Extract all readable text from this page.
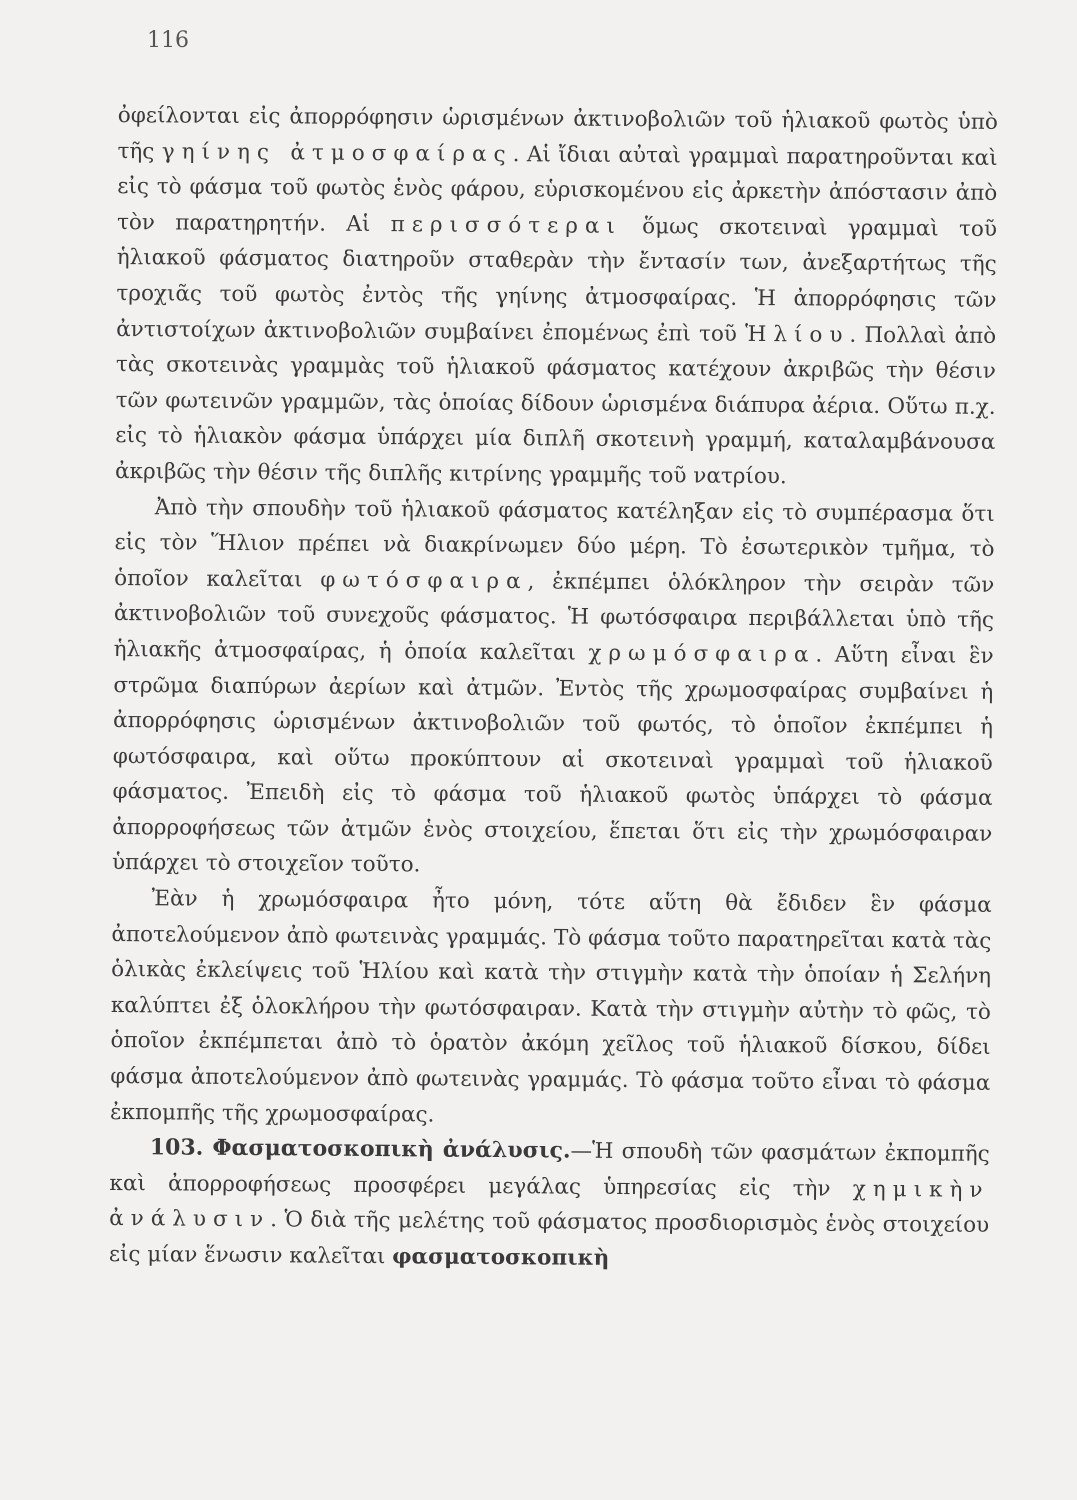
116

ὀφείλονται εἰς ἀπορρόφησιν ὡρισμένων ἀκτινοβολιῶν τοῦ ἡλιακοῦ φωτὸς ὑπὸ τῆς γηίνης ἀτμοσφαίρας. Αἱ ἴδιαι αὐταὶ γραμμαὶ παρατηροῦνται καὶ εἰς τὸ φάσμα τοῦ φωτὸς ἑνὸς φάρου, εὑρισκομένου εἰς ἀρκετὴν ἀπόστασιν ἀπὸ τὸν παρατηρητήν. Αἱ περισσότεραι ὅμως σκοτειναὶ γραμμαὶ τοῦ ἡλιακοῦ φάσματος διατηροῦν σταθερὰν τὴν ἔντασίν των, ἀνεξαρτήτως τῆς τροχιᾶς τοῦ φωτὸς ἐντὸς τῆς γηίνης ἀτμοσφαίρας. Ἡ ἀπορρόφησις τῶν ἀντιστοίχων ἀκτινοβολιῶν συμβαίνει ἐπομένως ἐπὶ τοῦ Ἡλίου. Πολλαὶ ἀπὸ τὰς σκοτεινὰς γραμμὰς τοῦ ἡλιακοῦ φάσματος κατέχουν ἀκριβῶς τὴν θέσιν τῶν φωτεινῶν γραμμῶν, τὰς ὁποίας δίδουν ὡρισμένα διάπυρα ἀέρια. Οὕτω π.χ. εἰς τὸ ἡλιακὸν φάσμα ὑπάρχει μία διπλῆ σκοτεινὴ γραμμή, καταλαμβάνουσα ἀκριβῶς τὴν θέσιν τῆς διπλῆς κιτρίνης γραμμῆς τοῦ νατρίου.

Ἀπὸ τὴν σπουδὴν τοῦ ἡλιακοῦ φάσματος κατέληξαν εἰς τὸ συμπέρασμα ὅτι εἰς τὸν Ἥλιον πρέπει νὰ διακρίνωμεν δύο μέρη. Τὸ ἐσωτερικὸν τμῆμα, τὸ ὁποῖον καλεῖται φωτόσφαιρα, ἐκπέμπει ὁλόκληρον τὴν σειρὰν τῶν ἀκτινοβολιῶν τοῦ συνεχοῦς φάσματος. Ἡ φωτόσφαιρα περιβάλλεται ὑπὸ τῆς ἡλιακῆς ἀτμοσφαίρας, ἡ ὁποία καλεῖται χρωμόσφαιρα. Αὕτη εἶναι ἓν στρῶμα διαπύρων ἀερίων καὶ ἀτμῶν. Ἐντὸς τῆς χρωμοσφαίρας συμβαίνει ἡ ἀπορρόφησις ὡρισμένων ἀκτινοβολιῶν τοῦ φωτός, τὸ ὁποῖον ἐκπέμπει ἡ φωτόσφαιρα, καὶ οὕτω προκύπτουν αἱ σκοτειναὶ γραμμαὶ τοῦ ἡλιακοῦ φάσματος. Ἐπειδὴ εἰς τὸ φάσμα τοῦ ἡλιακοῦ φωτὸς ὑπάρχει τὸ φάσμα ἀπορροφήσεως τῶν ἀτμῶν ἑνὸς στοιχείου, ἕπεται ὅτι εἰς τὴν χρωμόσφαιραν ὑπάρχει τὸ στοιχεῖον τοῦτο.

Ἐὰν ἡ χρωμόσφαιρα ἦτο μόνη, τότε αὕτη θὰ ἔδιδεν ἓν φάσμα ἀποτελούμενον ἀπὸ φωτεινὰς γραμμάς. Τὸ φάσμα τοῦτο παρατηρεῖται κατὰ τὰς ὁλικὰς ἐκλείψεις τοῦ Ἡλίου καὶ κατὰ τὴν στιγμὴν κατὰ τὴν ὁποίαν ἡ Σελήνη καλύπτει ἐξ ὁλοκλήρου τὴν φωτόσφαιραν. Κατὰ τὴν στιγμὴν αὐτὴν τὸ φῶς, τὸ ὁποῖον ἐκπέμπεται ἀπὸ τὸ ὁρατὸν ἀκόμη χεῖλος τοῦ ἡλιακοῦ δίσκου, δίδει φάσμα ἀποτελούμενον ἀπὸ φωτεινὰς γραμμάς. Τὸ φάσμα τοῦτο εἶναι τὸ φάσμα ἐκπομπῆς τῆς χρωμοσφαίρας.

103. Φασματοσκοπικὴ ἀνάλυσις.—Ἡ σπουδὴ τῶν φασμάτων ἐκπομπῆς καὶ ἀπορροφήσεως προσφέρει μεγάλας ὑπηρεσίας εἰς τὴν χημικὴν ἀνάλυσιν. Ὁ διὰ τῆς μελέτης τοῦ φάσματος προσδιορισμὸς ἑνὸς στοιχείου εἰς μίαν ἕνωσιν καλεῖται φασματοσκοπικὴ
